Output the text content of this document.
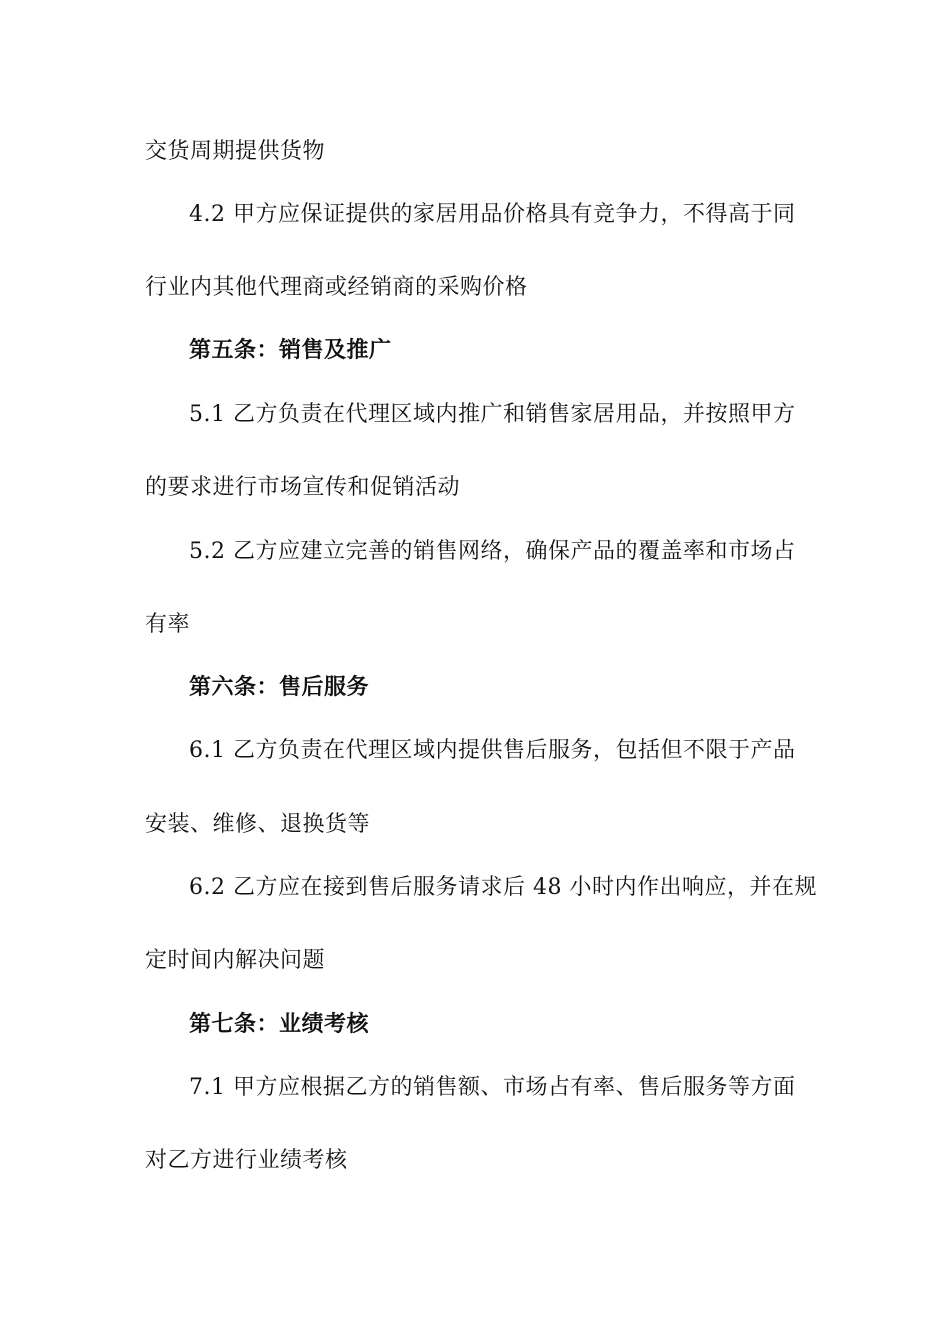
交货周期提供货物
4.2 甲方应保证提供的家居用品价格具有竞争力，不得高于同
行业内其他代理商或经销商的采购价格
第五条：销售及推广
5.1 乙方负责在代理区域内推广和销售家居用品，并按照甲方
的要求进行市场宣传和促销活动
5.2 乙方应建立完善的销售网络，确保产品的覆盖率和市场占
有率
第六条：售后服务
6.1 乙方负责在代理区域内提供售后服务，包括但不限于产品
安装、维修、退换货等
6.2 乙方应在接到售后服务请求后 48 小时内作出响应，并在规
定时间内解决问题
第七条：业绩考核
7.1 甲方应根据乙方的销售额、市场占有率、售后服务等方面
对乙方进行业绩考核
